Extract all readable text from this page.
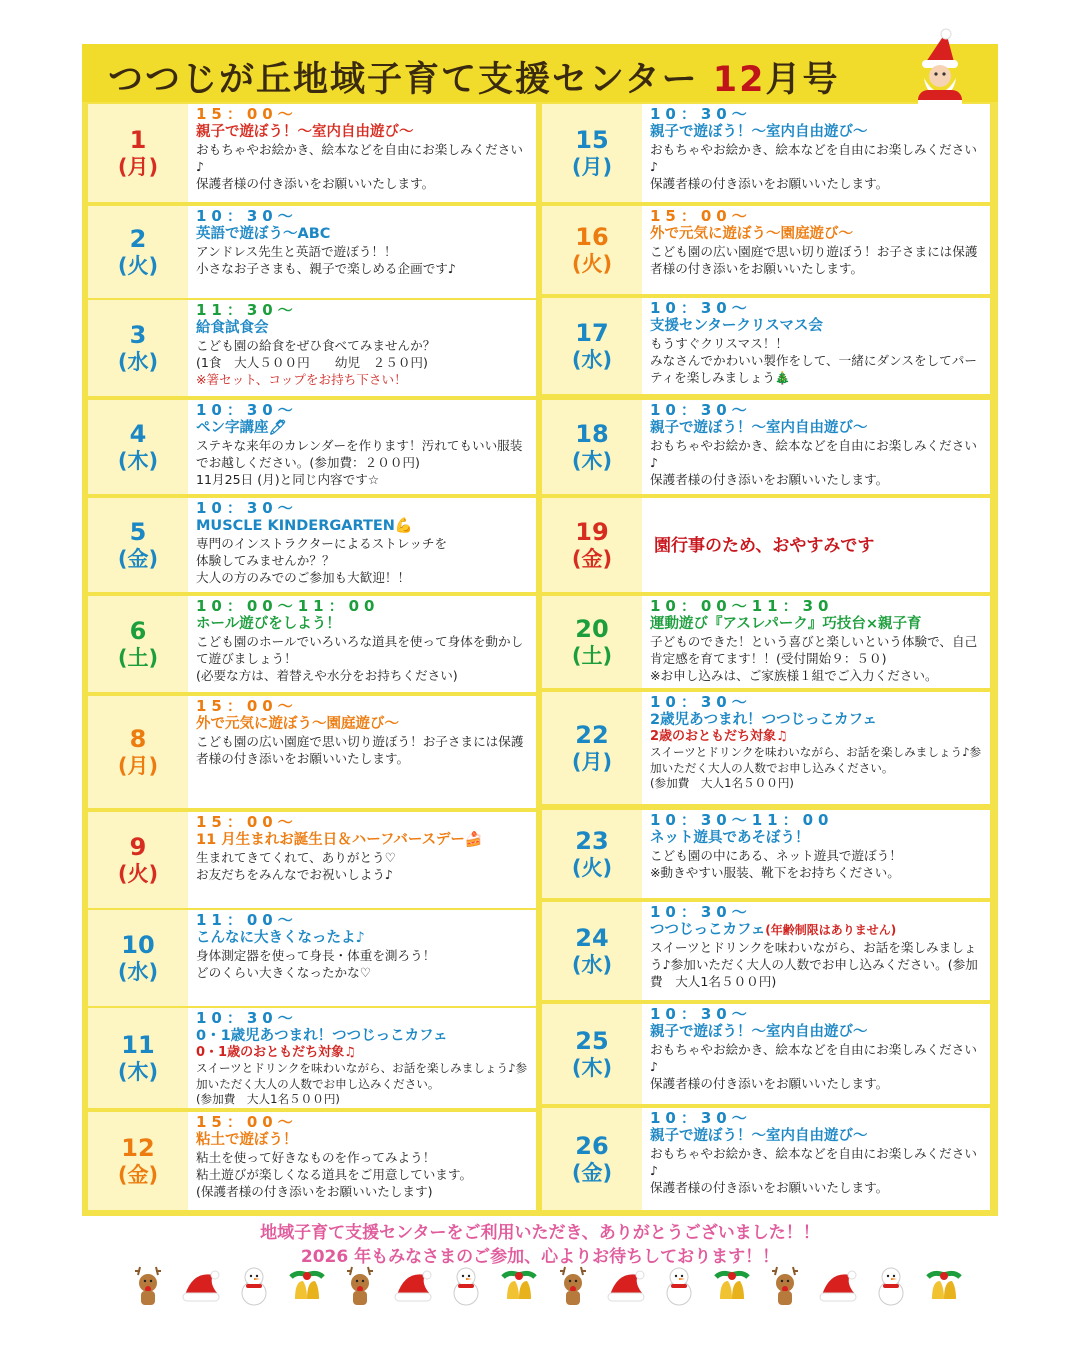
つつじが丘地域子育て支援センター 12月号
1
(月)
15：00〜
親子で遊ぼう！〜室内自由遊び〜
おもちゃやお絵かき、絵本などを自由にお楽しみください♪
保護者様の付き添いをお願いいたします。
2
(火)
10：30〜
英語で遊ぼう〜ABC
アンドレス先生と英語で遊ぼう！！
小さなお子さまも、親子で楽しめる企画です♪
3
(水)
11：30〜
給食試食会
こども園の給食をぜひ食べてみませんか？
(1食　大人５００円　　幼児　２５０円)
※箸セット、コップをお持ち下さい！
4
(木)
10：30〜
ペン字講座🖊
ステキな来年のカレンダーを作ります！汚れてもいい服装でお越しください。(参加費：２００円)
11月25日 (月)と同じ内容です☆
5
(金)
10：30〜
MUSCLE KINDERGARTEN💪
専門のインストラクターによるストレッチを
体験してみませんか？？
大人の方のみでのご参加も大歓迎！！
6
(土)
10：00〜11：00
ホール遊びをしよう！
こども園のホールでいろいろな道具を使って身体を動かして遊びましょう！
(必要な方は、着替えや水分をお持ちください)
8
(月)
15：00〜
外で元気に遊ぼう〜園庭遊び〜
こども園の広い園庭で思い切り遊ぼう！お子さまには保護者様の付き添いをお願いいたします。
9
(火)
15：00〜
11 月生まれお誕生日＆ハーフバースデー🍰
生まれてきてくれて、ありがとう♡
お友だちをみんなでお祝いしよう♪
10
(水)
11：00〜
こんなに大きくなったよ♪
身体測定器を使って身長・体重を測ろう！
どのくらい大きくなったかな♡
11
(木)
10：30〜
0・1歳児あつまれ！つつじっこカフェ
0・1歳のおともだち対象♫
スイーツとドリンクを味わいながら、お話を楽しみましょう♪参加いただく大人の人数でお申し込みください。
(参加費　大人1名５００円)
12
(金)
15：00〜
粘土で遊ぼう！
粘土を使って好きなものを作ってみよう！
粘土遊びが楽しくなる道具をご用意しています。
(保護者様の付き添いをお願いいたします)
15
(月)
10：30〜
親子で遊ぼう！〜室内自由遊び〜
おもちゃやお絵かき、絵本などを自由にお楽しみください♪
保護者様の付き添いをお願いいたします。
16
(火)
15：00〜
外で元気に遊ぼう〜園庭遊び〜
こども園の広い園庭で思い切り遊ぼう！お子さまには保護者様の付き添いをお願いいたします。
17
(水)
10：30〜
支援センタークリスマス会
もうすぐクリスマス！！
みなさんでかわいい製作をして、一緒にダンスをしてパーティを楽しみましょう🎄
18
(木)
10：30〜
親子で遊ぼう！〜室内自由遊び〜
おもちゃやお絵かき、絵本などを自由にお楽しみください♪
保護者様の付き添いをお願いいたします。
19
(金)
園行事のため、おやすみです
20
(土)
10：00〜11：30
運動遊び『アスレパーク』巧技台×親子育
子どものできた！という喜びと楽しいという体験で、自己肯定感を育てます！！(受付開始９：５０)
※お申し込みは、ご家族様１組でご入力ください。
22
(月)
10：30〜
2歳児あつまれ！つつじっこカフェ
2歳のおともだち対象♫
スイーツとドリンクを味わいながら、お話を楽しみましょう♪参加いただく大人の人数でお申し込みください。
(参加費　大人1名５００円)
23
(火)
10：30〜11：00
ネット遊具であそぼう！
こども園の中にある、ネット遊具で遊ぼう！
※動きやすい服装、靴下をお持ちください。
24
(水)
10：30〜
つつじっこカフェ(年齢制限はありません)
スイーツとドリンクを味わいながら、お話を楽しみましょう♪参加いただく大人の人数でお申し込みください。(参加費　大人1名５００円)
25
(木)
10：30〜
親子で遊ぼう！〜室内自由遊び〜
おもちゃやお絵かき、絵本などを自由にお楽しみください♪
保護者様の付き添いをお願いいたします。
26
(金)
10：30〜
親子で遊ぼう！〜室内自由遊び〜
おもちゃやお絵かき、絵本などを自由にお楽しみください♪
保護者様の付き添いをお願いいたします。
地域子育て支援センターをご利用いただき、ありがとうございました！！
2026 年もみなさまのご参加、心よりお待ちしております！！
